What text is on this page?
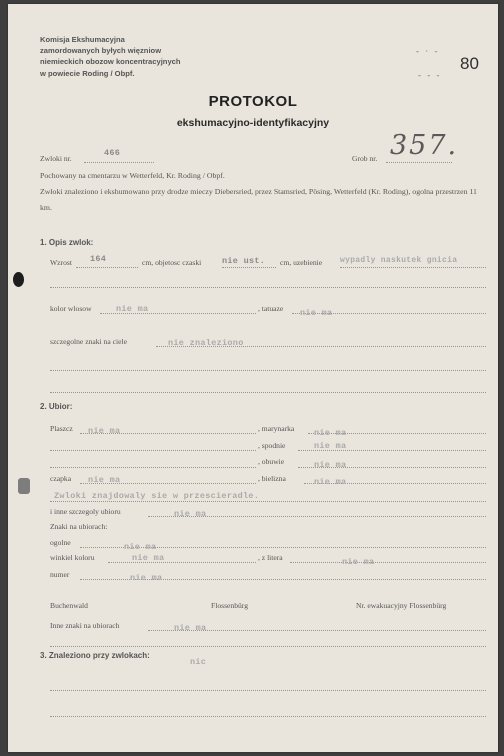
Komisja Ekshumacyjna
zamordowanych byłych więzniow
niemieckich obozow koncentracyjnych
w powiecie Roding / Obpf.
- · -
- - -
80
PROTOKOL
ekshumacyjno-identyfikacyjny
Zwloki nr.
466
Grob nr. 357.
Pochowany na cmentarzu w Wetterfeld, Kr. Roding / Obpf.
Zwłoki znaleziono i ekshumowano przy drodze mieczy Diebersried, przez Stamsried, Pösing, Wetterfeld (Kr. Roding), ogolna przestrzen 11 km.
1. Opis zwlok:
Wzrost 164	cm, objetosc czaski nie ust. cm, uzebienie wypadly naskutek gnicia
kolor wlosow	nie ma	, tatuaze nie ma
szczegolne znaki na ciele	nie znaleziono
2. Ubior:
Plaszcz nie ma	, marynarka nie ma
, spodnie	nie ma
, obuwie	nie ma
czapka nie ma	, bielizna	nie ma
Zwloki znajdowaly sie w przescieradle.
i inne szczegoly ubioru	nie ma
Znaki na ubiorach:
ogolne	nie ma
winkiel koloru	nie ma	, z litera	nie ma
numer	nie ma
Buchenwald	Flossenbürg	Nr. ewakuacyjny Flossenbürg
Inne znaki na ubiorach	nie ma
3. Znaleziono przy zwlokach:
nic
